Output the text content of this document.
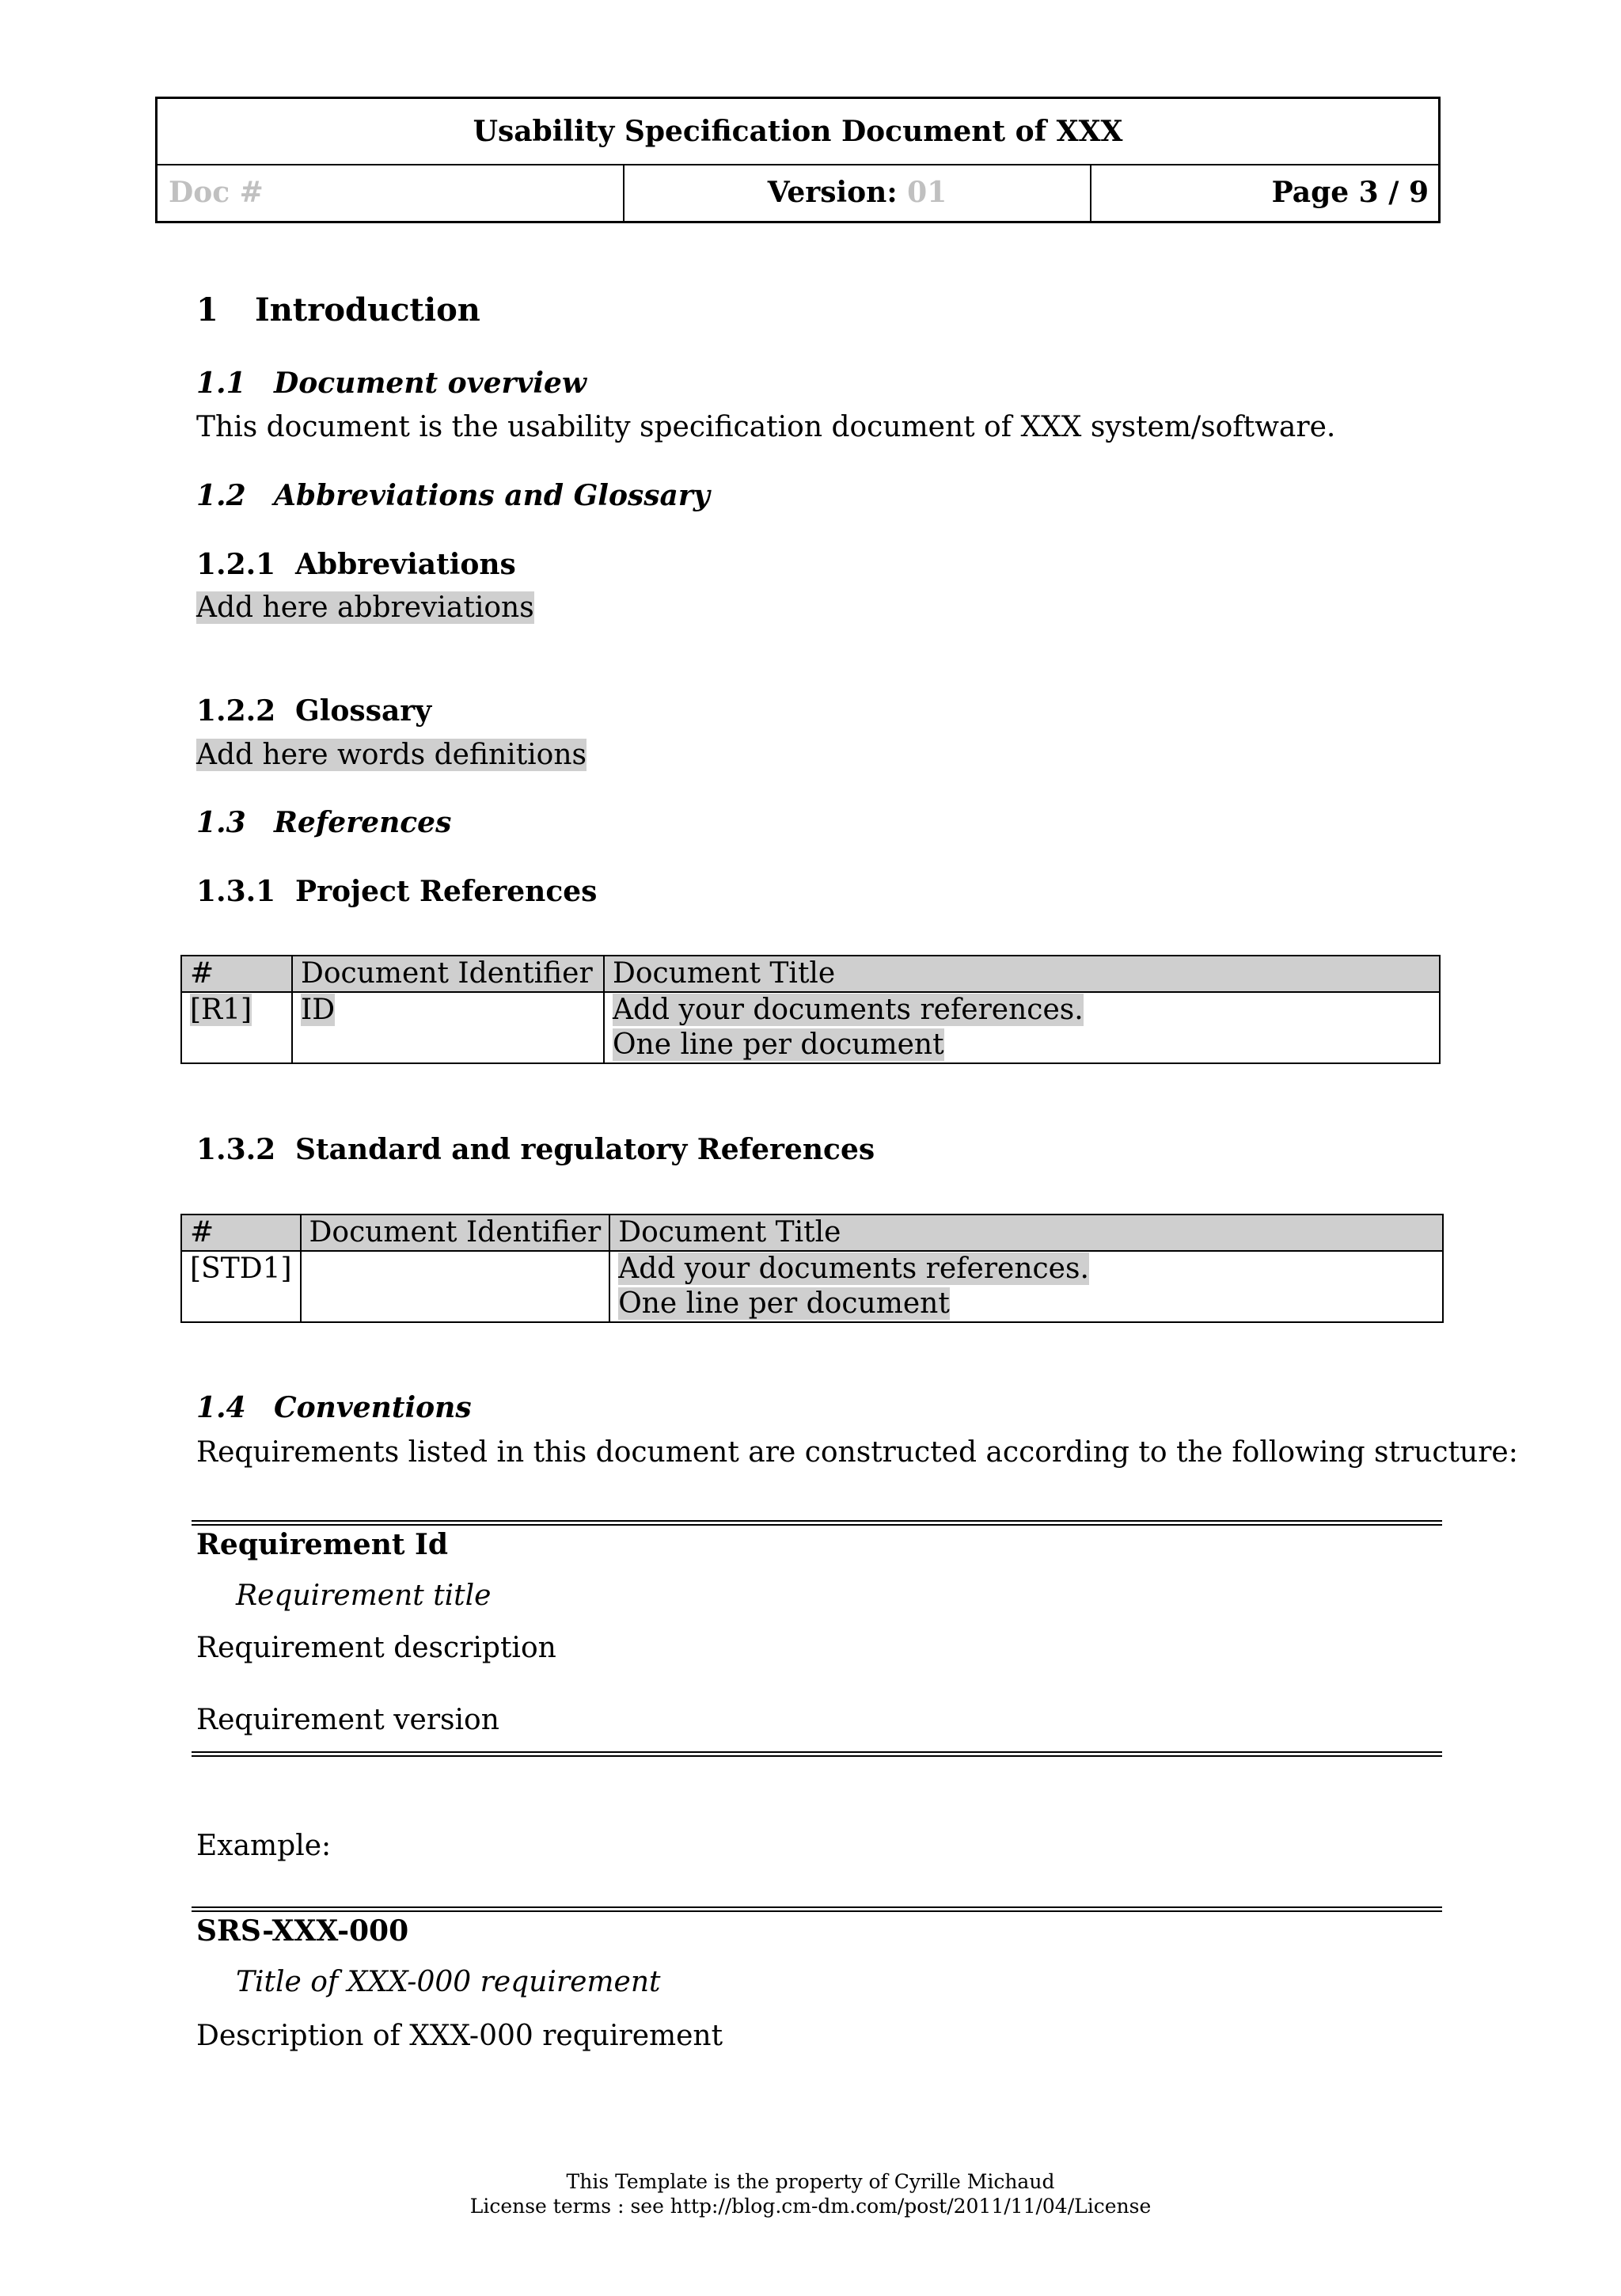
Usability Specification Document of XXX
Doc #	Version: 01	Page 3 / 9
1 Introduction
1.1 Document overview
This document is the usability specification document of XXX system/software.
1.2 Abbreviations and Glossary
1.2.1 Abbreviations
Add here abbreviations
1.2.2 Glossary
Add here words definitions
1.3 References
1.3.1 Project References
#	Document Identifier	Document Title
[R1]	ID	Add your documents references.
One line per document
1.3.2 Standard and regulatory References
#	Document Identifier	Document Title
[STD1]		Add your documents references.
One line per document
1.4 Conventions
Requirements listed in this document are constructed according to the following structure:
Requirement Id
Requirement title
Requirement description
Requirement version
Example:
SRS-XXX-000
Title of XXX-000 requirement
Description of XXX-000 requirement
This Template is the property of Cyrille Michaud
License terms : see http://blog.cm-dm.com/post/2011/11/04/License
